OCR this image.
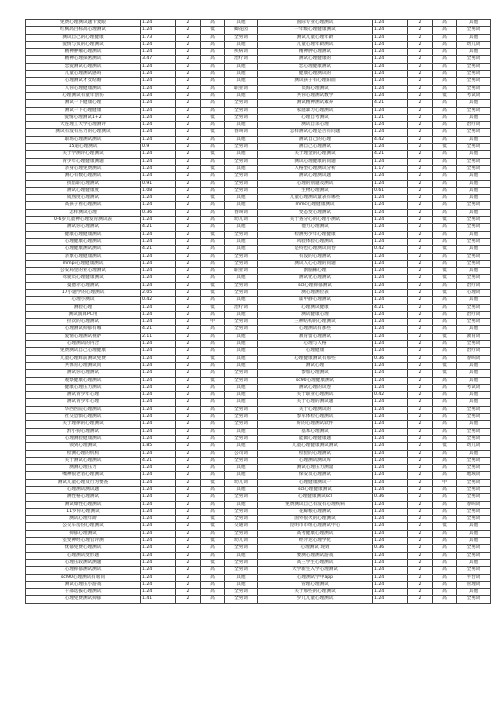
免费心理测试题卡麦眼	1.24	2	高	其他	国际专业心理测试	1.24	2	高	其他
红枫高白标高心理测试	1.24	2	低	卿花园	一年级心理健康测试	1.24	2	高	全男词
测试自己的心理健康	1.73	2	高	全男词	测试儿童心理年龄	1.24	2	高	其他
爱情与负的心理测试	1.24	2	高	其他	儿童心理年龄测试	1.24	2	高	幼儿词
精神肿瘤心理测试	1.24	2	高	疾病词	精神肿心理测试	1.24	2	高	其他
精神心理探密测试	3.47	2	高	治疗词	测试心理健康的	1.24	2	高	全男词
恋爱测试心理测试	1.24	2	高	其他	恋心理健康测试	1.24	2	高	全男词
儿童心理测试感吗	1.24	2	高	其他	健康心理测试的	1.24	2	高	全男词
心理测试才女结婚	1.24	2	高	其他	测试孩子有心理阳面	1.24	2	高	全男词
人你心理健康测试	1.24	2	高	职业词	员海心理测试	1.24	2	高	全男词
心理测试有童年创伤	1.24	2	高	其他	共你心理测试数学	1.24	2	低	考试词
测试一下健康心理	1.24	2	高	全男词	测试精神测试素养	4.21	2	高	其他
测试一下心理健康	1.24	2	高	全男词	家庭暴力心理测试	1.24	2	高	全男词
爱情心理测试1+2	1.24	2	低	全男词	心理自考测试	1.21	2	高	其他
大连理工大学心理测评	1.24	2	高	其他	测试自杀心理	1.24	2	高	治疗词
测试有没有压力的心理测试	1.24	2	低	春叫词	怎样测试心理是否有问题	1.24	2	高	全男词
职场心理测试测试	1.24	2	高	其他	测试自己的心理	4.42	2	高	其他
15道心理测试	0.9	2	高	全男词	测自己心理测试	1.24	2	低	全男词
关于学测评心理测试	1.24	2	低	其他	关于理金的心理测试	4.21	2	高	其他
青少年心理健康测题	1.24	2	高	全男词	测试心理健康的问题	1.24	2	高	全男词
亲身心理免费测试	1.24	2	低	其他	人格型心理测试分析	1.17	2	高	全男词
测心有数心理测试	1.24	2	高	全男词	测试心理测试题	1.24	2	高	其他
找借职心理测试	0.91	2	高	全男词	心理的别题及测试	1.24	2	高	其他
测试心理健康度	1.08	2	高	全男词	生物心理测试	0.61	2	高	其他
成熟度心理测试	1.24	2	低	其他	儿童心理测试量表有哪些	1.24	2	高	其他
高孩子看心理测试	1.24	2	高	其他	mmc心理健康测试	1.24	2	高	全男词
怎样测试心理	0.36	2	高	春叫词	变态变心理测试	1.24	2	高	其他
0-6岁儿童神心理发育测试表	1.24	2	高	幼儿词	关于查分心的心理小测试	1.24	2	低	全男词
测试你心理测试	4.21	2	高	其他	他力心理测试	1.24	2	高	全男词
健康心理健康测试	1.24	2	低	全男词	检测男少年心理健康	1.24	2	高	其他
心理健康心理测试	1.24	2	高	其他	风验体验心理测试	1.24	2	高	全男词
心理健康测试测试	4.21	2	高	其他	是特也心理测试问卷	0.42	2	低	其他
亲象心理健康测试	1.24	2	高	全男词	有没的心理测试	1.24	2	高	全男词
mmpi心理健康测试	1.24	2	高	全男词	测试人心心理的问题	1.24	2	高	全男词
公安局里的业心理测试	1.24	2	高	职业词	割脑稀心理	1.24	2	低	其他
驾驶员心理健康测试	1.24	2	高	其他	测试化心理测试	1.24	2	低	全男词
曼德尔心理测试	1.24	2	低	全男词	scl心理抑郁测试	1.24	2	高	治疗词
17小题学的心理测试	2.05	2	低	全男词	测心理测位表	1.24	2	低	心理词
心理小测试	0.42	2	高	其他	霍中静心理测试	1.24	2	高	其他
测验心理	1.24	2	低	治疗词	心理测试健康	4.21	2	高	全男词
测试演算PC用	1.24	2	高	其他	测试健康心理	1.24	2	高	治疗词
拉次的心理测试	1.24	2	中	全男词	三种结构的心理测试	1.24	2	高	全男词
心理测试抑郁有哪	4.21	2	高	全男词	心理测试有那些	1.24	2	高	其他
爱情心理测试视萨	2.11	2	高	其他	教育留心理测试	1.24	2	低	教育词
心理测试的内合	1.24	2	高	其他	心理与人格	1.24	2	高	全男词
免费测试自己心理健康	1.24	2	高	其他	心理健康	1.24	2	高	治疗词
儿童心理辉前测试免费	1.24	2	低	其他	心理健康测试有那些	0.36	2	高	春叫词
共体育心理测试问	1.24	2	高	其他	测试心理	1.24	2	低	其他
测试你心理测试	1.24	2	高	全男词	参加心理测试	1.24	2	低	其他
观察健康心理测试	1.24	2	低	全男词	sc90心理健康测试	1.24	2	高	其他
健康心理压力测试	1.24	2	高	其他	测试心理的试卷	1.24	2	高	考试词
测试青少年心理	1.24	2	高	其他	关于职业心理测试	0.42	2	高	其他
测试青少年心理	1.24	2	高	其他	关于心理的测试题	1.24	2	高	其他
华西医院心理测试	1.24	2	高	全男词	关于心理测试的	1.24	2	高	全男词
社交恐惧心理测试	1.24	2	高	全男词	参军体检心理测试	1.24	2	高	全男词
关于理律的心理测试	1.24	2	高	全男词	好的心理测试软件	1.24	2	高	其他
黔小狗心理测试	1.24	2	高	其他	基本心理测试	1.24	2	高	全男词
心理测验健康测试	1.24	2	高	全男词	能做心理健康题	1.24	2	高	全男词
领到心理测试	1.85	2	高	其他	儿童心理健康测试测试	1.24	2	低	幼儿词
检测心理的机构	1.24	2	高	公司词	检验的心理测试	1.24	2	高	其他
关于测试心理测试	4.21	2	高	全男词	心理测试测试库	1.24	2	高	全男词
测测心理压力	1.24	2	高	其他	测试心理压力测量	1.24	2	高	全男词
嘴神很老者心理测试	1.24	2	高	其他	保安员心理测试	1.24	2	高	地域词
测试儿童心理及行为要查	1.24	2	低	幼儿词	心理健康测试一	1.24	2	中	全男词
心理测试测试题	1.24	2	高	其他	scl心理健康测试	1.24	2	高	全男词
测性格心理测试	1.24	2	高	全男词	心理健康测试scl	0.36	2	高	全男词
测试爆性心理测试	1.24	2	高	其他	免费测试自己有没有心理疾病	1.24	2	高	春叫词
11罗你心理测试	1.24	2	高	全男词	花鲸粮心理测试	1.24	2	高	全男词
测试心理年龄	1.24	2	低	全男词	国外很火的心理测试	1.24	2	高	全男词
公交车房份心理测试	1.24	2	低	交通词	昆明市市组心理测试中心	1.24	2	低	其他
抑郁心理测试	1.24	2	高	全男词	高考健康心理测试	1.24	2	高	其他
室变神经心理官评测	1.24	2	低	幼儿词	经介达心理学化	1.24	2	高	其他
忧郁免费心理测试	1.24	2	高	全男词	心理测试 现效	0.36	2	高	全男词
心理测试变形题	1.24	2	高	其他	要测心理测试游戏	1.24	2	高	全男词
心理压较测试测题	1.24	2	低	全男词	高三学生心理测试	1.24	2	高	其他
心理抑郁测试测试	1.24	2	高	全男词	大学新生入学心理测试	1.24	2	高	全男词
scl90心理测试有啥问	1.24	2	高	其他	心理测试学中app	1.24	2	高	平台词
测试心理压小游戏	1.24	2	高	其他	管理心理测试	1.24	2	高	管理词
干部选拔心理测试	1.24	2	高	全男词	关于那些的心理测试	1.24	2	高	其他
心理免费测试抑郁	1.41	2	高	全男词	少儿儿童心理测试	1.24	2	高	全男词
